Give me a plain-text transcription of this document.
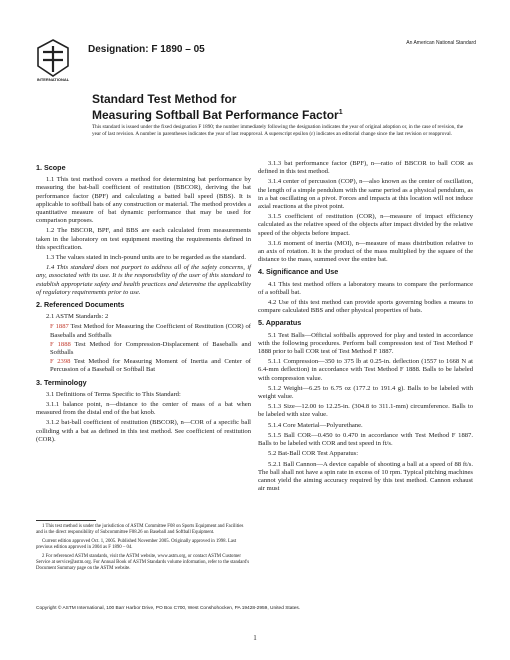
INTERNATIONAL
Designation: F 1890 – 05
An American National Standard
Standard Test Method for
Measuring Softball Bat Performance Factor$^1$
This standard is issued under the fixed designation F 1890; the number immediately following the designation indicates the year of original adoption or, in the case of revision, the year of last revision. A number in parentheses indicates the year of last reapproval. A superscript epsilon (ε) indicates an editorial change since the last revision or reapproval.
1. Scope

1.1 This test method covers a method for determining bat performance by measuring the bat-ball coefficient of restitution (BBCOR), deriving the bat performance factor (BPF) and calculating a batted ball speed (BBS). It is applicable to softball bats of any construction or material. The method provides a quantitative measure of bat dynamic performance that may be used for comparison purposes.

1.2 The BBCOR, BPF, and BBS are each calculated from measurements taken in the laboratory on test equipment meeting the requirements defined in this specification.

1.3 The values stated in inch-pound units are to be regarded as the standard.

1.4 This standard does not purport to address all of the safety concerns, if any, associated with its use. It is the responsibility of the user of this standard to establish appropriate safety and health practices and determine the applicability of regulatory requirements prior to use.

2. Referenced Documents

2.1 ASTM Standards: 2

F 1887 Test Method for Measuring the Coefficient of Restitution (COR) of Baseballs and Softballs

F 1888 Test Method for Compression-Displacement of Baseballs and Softballs

F 2398 Test Method for Measuring Moment of Inertia and Center of Percussion of a Baseball or Softball Bat

3. Terminology

3.1 Definitions of Terms Specific to This Standard:

3.1.1 balance point, n—distance to the center of mass of a bat when measured from the distal end of the bat knob.

3.1.2 bat-ball coefficient of restitution (BBCOR), n—COR of a specific ball colliding with a bat as defined in this test method. See coefficient of restitution (COR).

1 This test method is under the jurisdiction of ASTM Committee F08 on Sports Equipment and Facilities and is the direct responsibility of Subcommittee F08.26 on Baseball and Softball Equipment.

Current edition approved Oct. 1, 2005. Published November 2005. Originally approved in 1998. Last previous edition approved in 2004 as F 1890 – 04.

2 For referenced ASTM standards, visit the ASTM website, www.astm.org, or contact ASTM Customer Service at service@astm.org. For Annual Book of ASTM Standards volume information, refer to the standard's Document Summary page on the ASTM website.

3.1.3 bat performance factor (BPF), n—ratio of BBCOR to ball COR as defined in this test method.

3.1.4 center of percussion (COP), n—also known as the center of oscillation, the length of a simple pendulum with the same period as a physical pendulum, as in a bat oscillating on a pivot. Forces and impacts at this location will not induce axial reactions at the pivot point.

3.1.5 coefficient of restitution (COR), n—measure of impact efficiency calculated as the relative speed of the objects after impact divided by the relative speed of the objects before impact.

3.1.6 moment of inertia (MOI), n—measure of mass distribution relative to an axis of rotation. It is the product of the mass multiplied by the square of the distance to the mass, summed over the entire bat.

4. Significance and Use

4.1 This test method offers a laboratory means to compare the performance of a softball bat.

4.2 Use of this test method can provide sports governing bodies a means to compare calculated BBS and other physical properties of bats.

5. Apparatus

5.1 Test Balls—Official softballs approved for play and tested in accordance with the following procedures. Perform ball compression test of Test Method F 1888 prior to ball COR test of Test Method F 1887.

5.1.1 Compression—350 to 375 lb at 0.25-in. deflection (1557 to 1668 N at 6.4-mm deflection) in accordance with Test Method F 1888. Balls to be labeled with compression value.

5.1.2 Weight—6.25 to 6.75 oz (177.2 to 191.4 g). Balls to be labeled with weight value.

5.1.3 Size—12.00 to 12.25-in. (304.8 to 311.1-mm) circumference. Balls to be labeled with size value.

5.1.4 Core Material—Polyurethane.

5.1.5 Ball COR—0.450 to 0.470 in accordance with Test Method F 1887. Balls to be labeled with COR and test speed in ft/s.

5.2 Bat-Ball COR Test Apparatus:

5.2.1 Ball Cannon—A device capable of shooting a ball at a speed of 88 ft/s. The ball shall not have a spin rate in excess of 10 rpm. Typical pitching machines cannot yield the aiming accuracy required by this test method. Cannon exhaust air must

Copyright © ASTM International, 100 Barr Harbor Drive, PO Box C700, West Conshohocken, PA 19428-2959, United States.
1
